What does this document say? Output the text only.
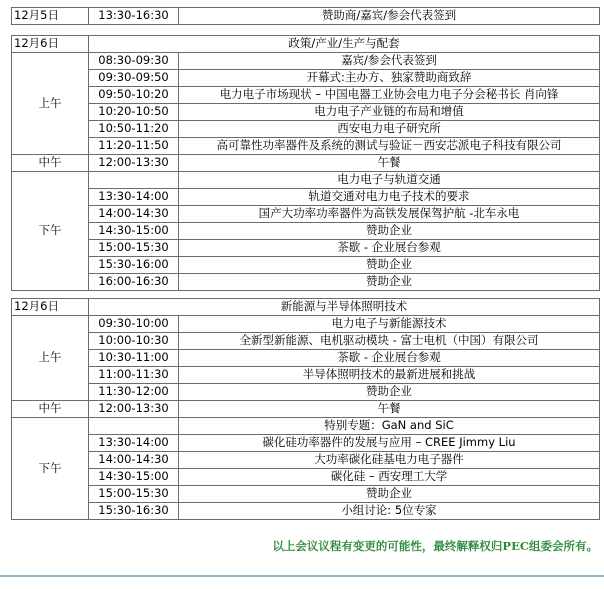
12月5日	13:30-16:30	赞助商/嘉宾/参会代表签到
12月6日	政策/产业/生产与配套	
上午	08:30-09:30	嘉宾/参会代表签到
	09:30-09:50	开幕式:主办方、独家赞助商致辞
	09:50-10:20	电力电子市场现状 – 中国电器工业协会电力电子分会秘书长 肖向锋
	10:20-10:50	电力电子产业链的布局和增值
	10:50-11:20	西安电力电子研究所
	11:20-11:50	高可靠性功率器件及系统的测试与验证－西安芯派电子科技有限公司
中午	12:00-13:30	午餐
下午		电力电子与轨道交通
	13:30-14:00	轨道交通对电力电子技术的要求
	14:00-14:30	国产大功率功率器件为高铁发展保驾护航 -北车永电
	14:30-15:00	赞助企业
	15:00-15:30	茶歇 - 企业展台参观
	15:30-16:00	赞助企业
	16:00-16:30	赞助企业
12月6日	新能源与半导体照明技术	
上午	09:30-10:00	电力电子与新能源技术
	10:00-10:30	全新型新能源、电机驱动模块 - 富士电机（中国）有限公司
	10:30-11:00	茶歇 - 企业展台参观
	11:00-11:30	半导体照明技术的最新进展和挑战
	11:30-12:00	赞助企业
中午	12:00-13:30	午餐
下午		特别专题：GaN and SiC
	13:30-14:00	碳化硅功率器件的发展与应用 – CREE Jimmy Liu
	14:00-14:30	大功率碳化硅基电力电子器件
	14:30-15:00	碳化硅 – 西安理工大学
	15:00-15:30	赞助企业
	15:30-16:30	小组讨论: 5位专家
以上会议议程有变更的可能性，最终解释权归PEC组委会所有。
